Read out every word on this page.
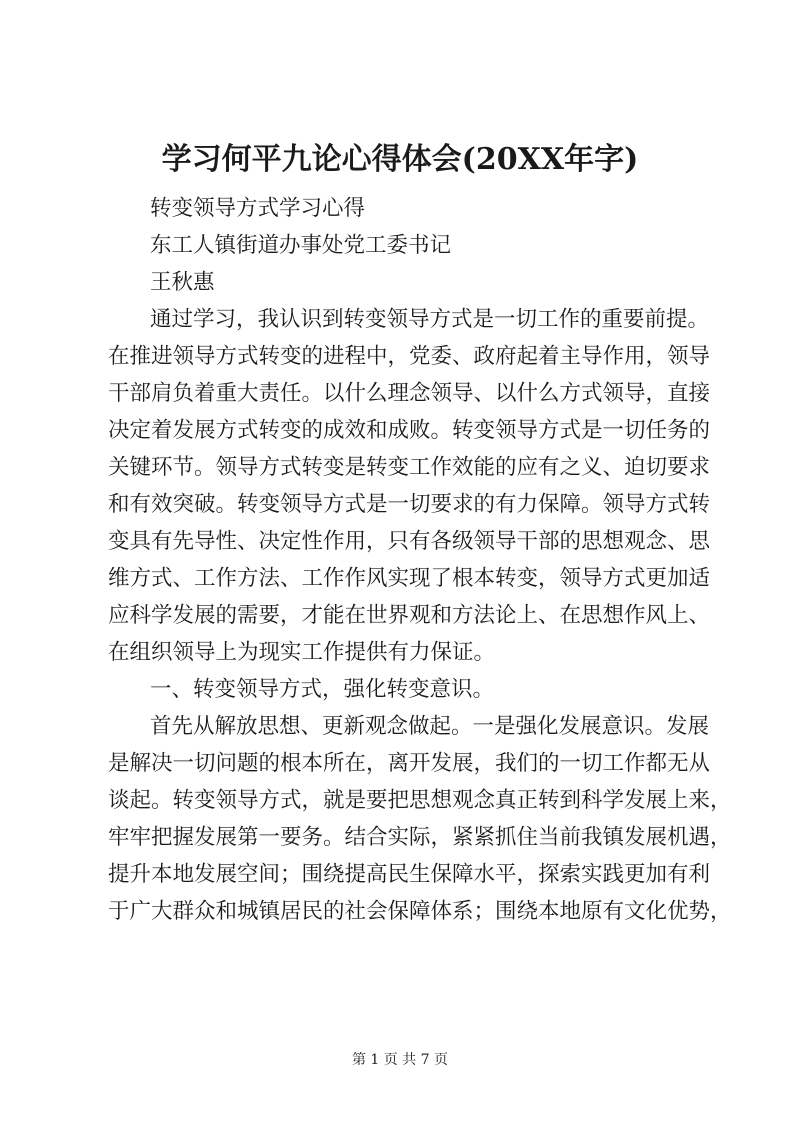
学习何平九论心得体会(20XX年字)
转变领导方式学习心得
东工人镇街道办事处党工委书记
王秋惠
通过学习，我认识到转变领导方式是一切工作的重要前提。
在推进领导方式转变的进程中，党委、政府起着主导作用，领导
干部肩负着重大责任。以什么理念领导、以什么方式领导，直接
决定着发展方式转变的成效和成败。转变领导方式是一切任务的
关键环节。领导方式转变是转变工作效能的应有之义、迫切要求
和有效突破。转变领导方式是一切要求的有力保障。领导方式转
变具有先导性、决定性作用，只有各级领导干部的思想观念、思
维方式、工作方法、工作作风实现了根本转变，领导方式更加适
应科学发展的需要，才能在世界观和方法论上、在思想作风上、
在组织领导上为现实工作提供有力保证。
一、转变领导方式，强化转变意识。
首先从解放思想、更新观念做起。一是强化发展意识。发展
是解决一切问题的根本所在，离开发展，我们的一切工作都无从
谈起。转变领导方式，就是要把思想观念真正转到科学发展上来，
牢牢把握发展第一要务。结合实际，紧紧抓住当前我镇发展机遇，
提升本地发展空间；围绕提高民生保障水平，探索实践更加有利
于广大群众和城镇居民的社会保障体系；围绕本地原有文化优势，
第 1 页 共 7 页
